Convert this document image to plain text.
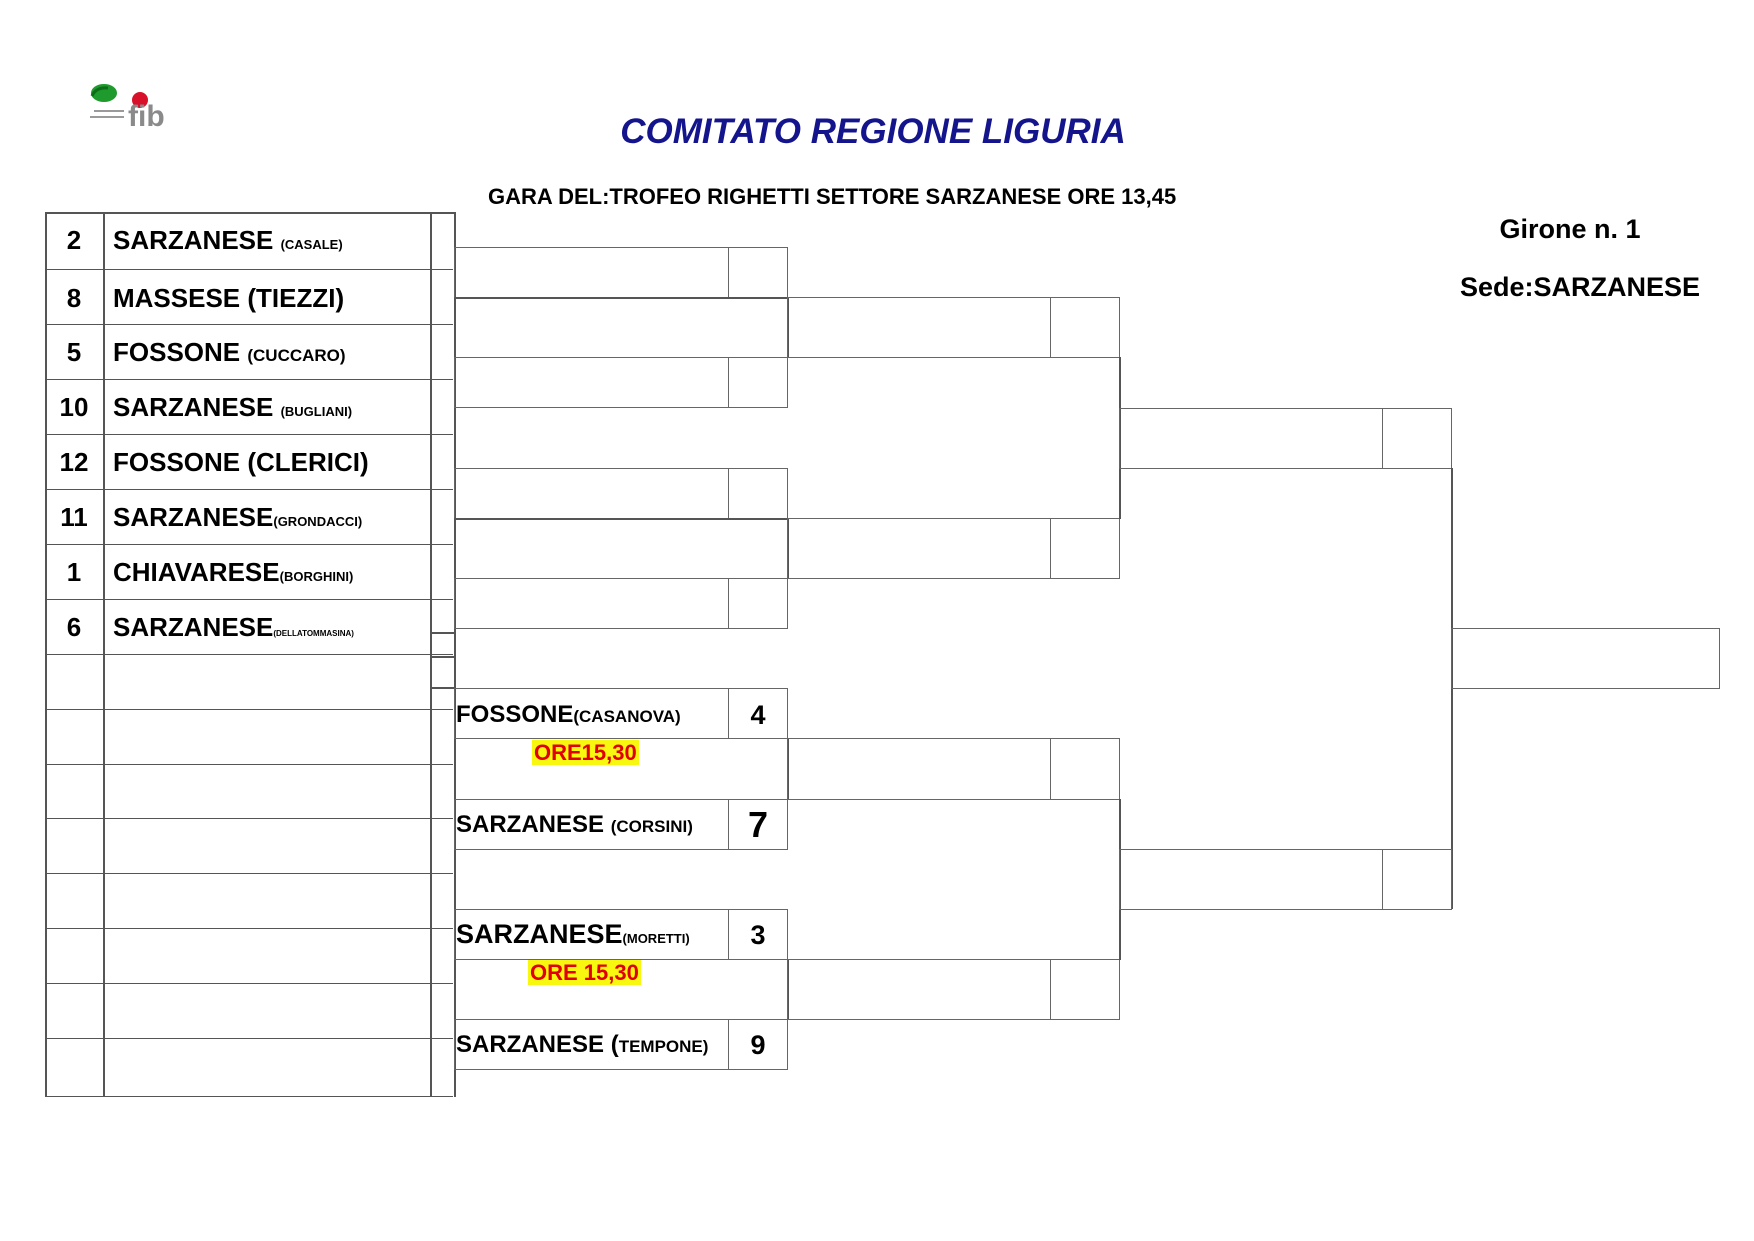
fib	COMITATO REGIONE LIGURIA
GARA DEL:TROFEO RIGHETTI SETTORE SARZANESE ORE 13,45
Girone n. 1
Sede:SARZANESE
2	SARZANESE (CASALE)
8	MASSESE (TIEZZI)
5	FOSSONE (CUCCARO)
10 SARZANESE (BUGLIANI)
12 FOSSONE (CLERICI)
11 SARZANESE(GRONDACCI)
1	CHIAVARESE(BORGHINI)
6	SARZANESE(DELLATOMMASINA)
FOSSONE(CASANOVA)	4
ORE15,30
SARZANESE (CORSINI)	7
SARZANESE(MORETTI)	3
ORE 15,30
SARZANESE (TEMPONE)	9
